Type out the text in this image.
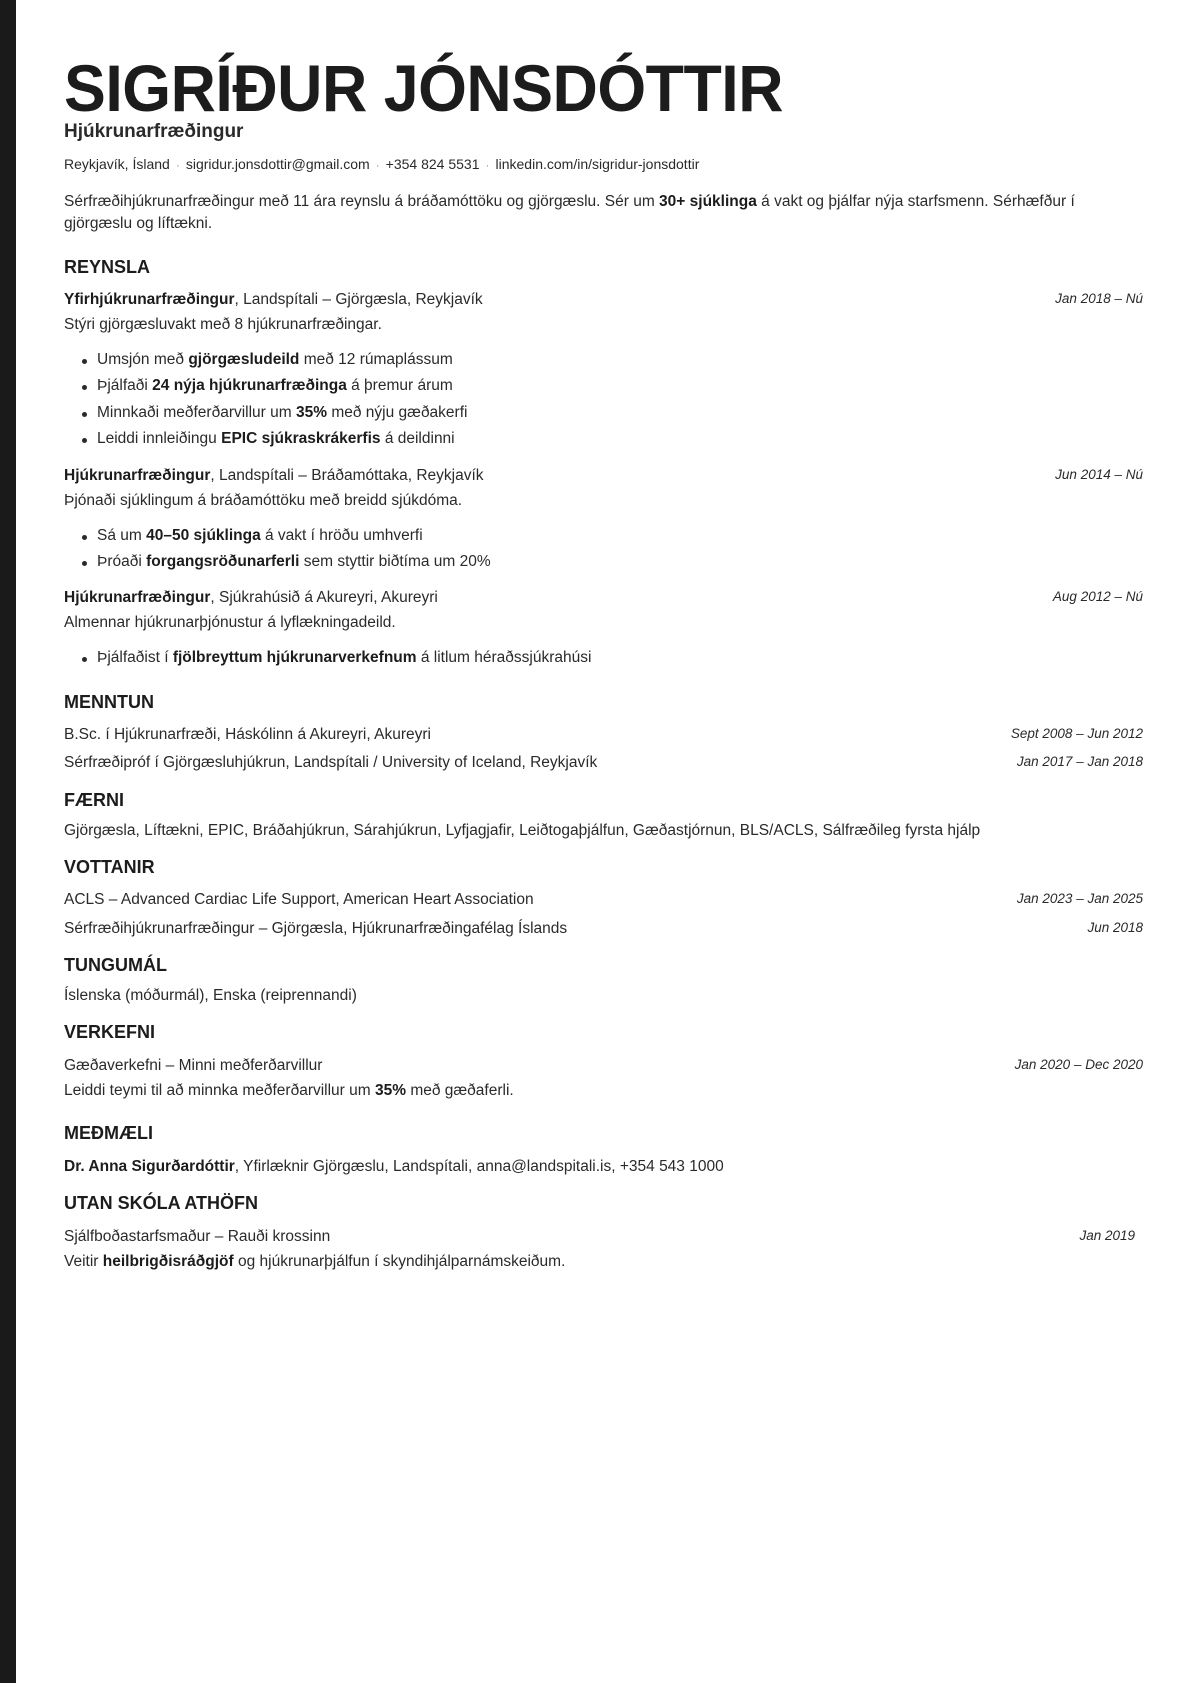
SIGRÍÐUR JÓNSDÓTTIR
Hjúkrunarfræðingur
Reykjavík, Ísland · sigridur.jonsdottir@gmail.com · +354 824 5531 · linkedin.com/in/sigridur-jonsdottir

Sérfræðihjúkrunarfræðingur með 11 ára reynslu á bráðamóttöku og gjörgæslu. Sér um 30+ sjúklinga á vakt og þjálfar nýja starfsmenn. Sérhæfður í gjörgæslu og líftækni.

REYNSLA
Yfirhjúkrunarfræðingur, Landspítali – Gjörgæsla, Reykjavík	Jan 2018 – Nú
Stýri gjörgæsluvakt með 8 hjúkrunarfræðingar.
Umsjón með gjörgæsludeild með 12 rúmaplássum
Þjálfaði 24 nýja hjúkrunarfræðinga á þremur árum
Minnkaði meðferðarvillur um 35% með nýju gæðakerfi
Leiddi innleiðingu EPIC sjúkraskrákerfis á deildinni
Hjúkrunarfræðingur, Landspítali – Bráðamóttaka, Reykjavík	Jun 2014 – Nú
Þjónaði sjúklingum á bráðamóttöku með breidd sjúkdóma.
Sá um 40–50 sjúklinga á vakt í hröðu umhverfi
Þróaði forgangsröðunarferli sem styttir biðtíma um 20%
Hjúkrunarfræðingur, Sjúkrahúsið á Akureyri, Akureyri	Aug 2012 – Nú
Almennar hjúkrunarþjónustur á lyflækningadeild.
Þjálfaðist í fjölbreyttum hjúkrunarverkefnum á litlum héraðssjúkrahúsi
MENNTUN
B.Sc. í Hjúkrunarfræði, Háskólinn á Akureyri, Akureyri	Sept 2008 – Jun 2012
Sérfræðipróf í Gjörgæsluhjúkrun, Landspítali / University of Iceland, Reykjavík	Jan 2017 – Jan 2018
FÆRNI
Gjörgæsla, Líftækni, EPIC, Bráðahjúkrun, Sárahjúkrun, Lyfjagjafir, Leiðtogaþjálfun, Gæðastjórnun, BLS/ACLS, Sálfræðileg fyrsta hjálp
VOTTANIR
ACLS – Advanced Cardiac Life Support, American Heart Association	Jan 2023 – Jan 2025
Sérfræðihjúkrunarfræðingur – Gjörgæsla, Hjúkrunarfræðingafélag Íslands	Jun 2018
TUNGUMÁL
Íslenska (móðurmál), Enska (reiprennandi)
VERKEFNI
Gæðaverkefni – Minni meðferðarvillur	Jan 2020 – Dec 2020
Leiddi teymi til að minnka meðferðarvillur um 35% með gæðaferli.
MEÐMÆLI
Dr. Anna Sigurðardóttir, Yfirlæknir Gjörgæslu, Landspítali, anna@landspitali.is, +354 543 1000
UTAN SKÓLA ATHÖFN
Sjálfboðastarfsmaður – Rauði krossinn	Jan 2019
Veitir heilbrigðisráðgjöf og hjúkrunarþjálfun í skyndihjálparnámskeiðum.
